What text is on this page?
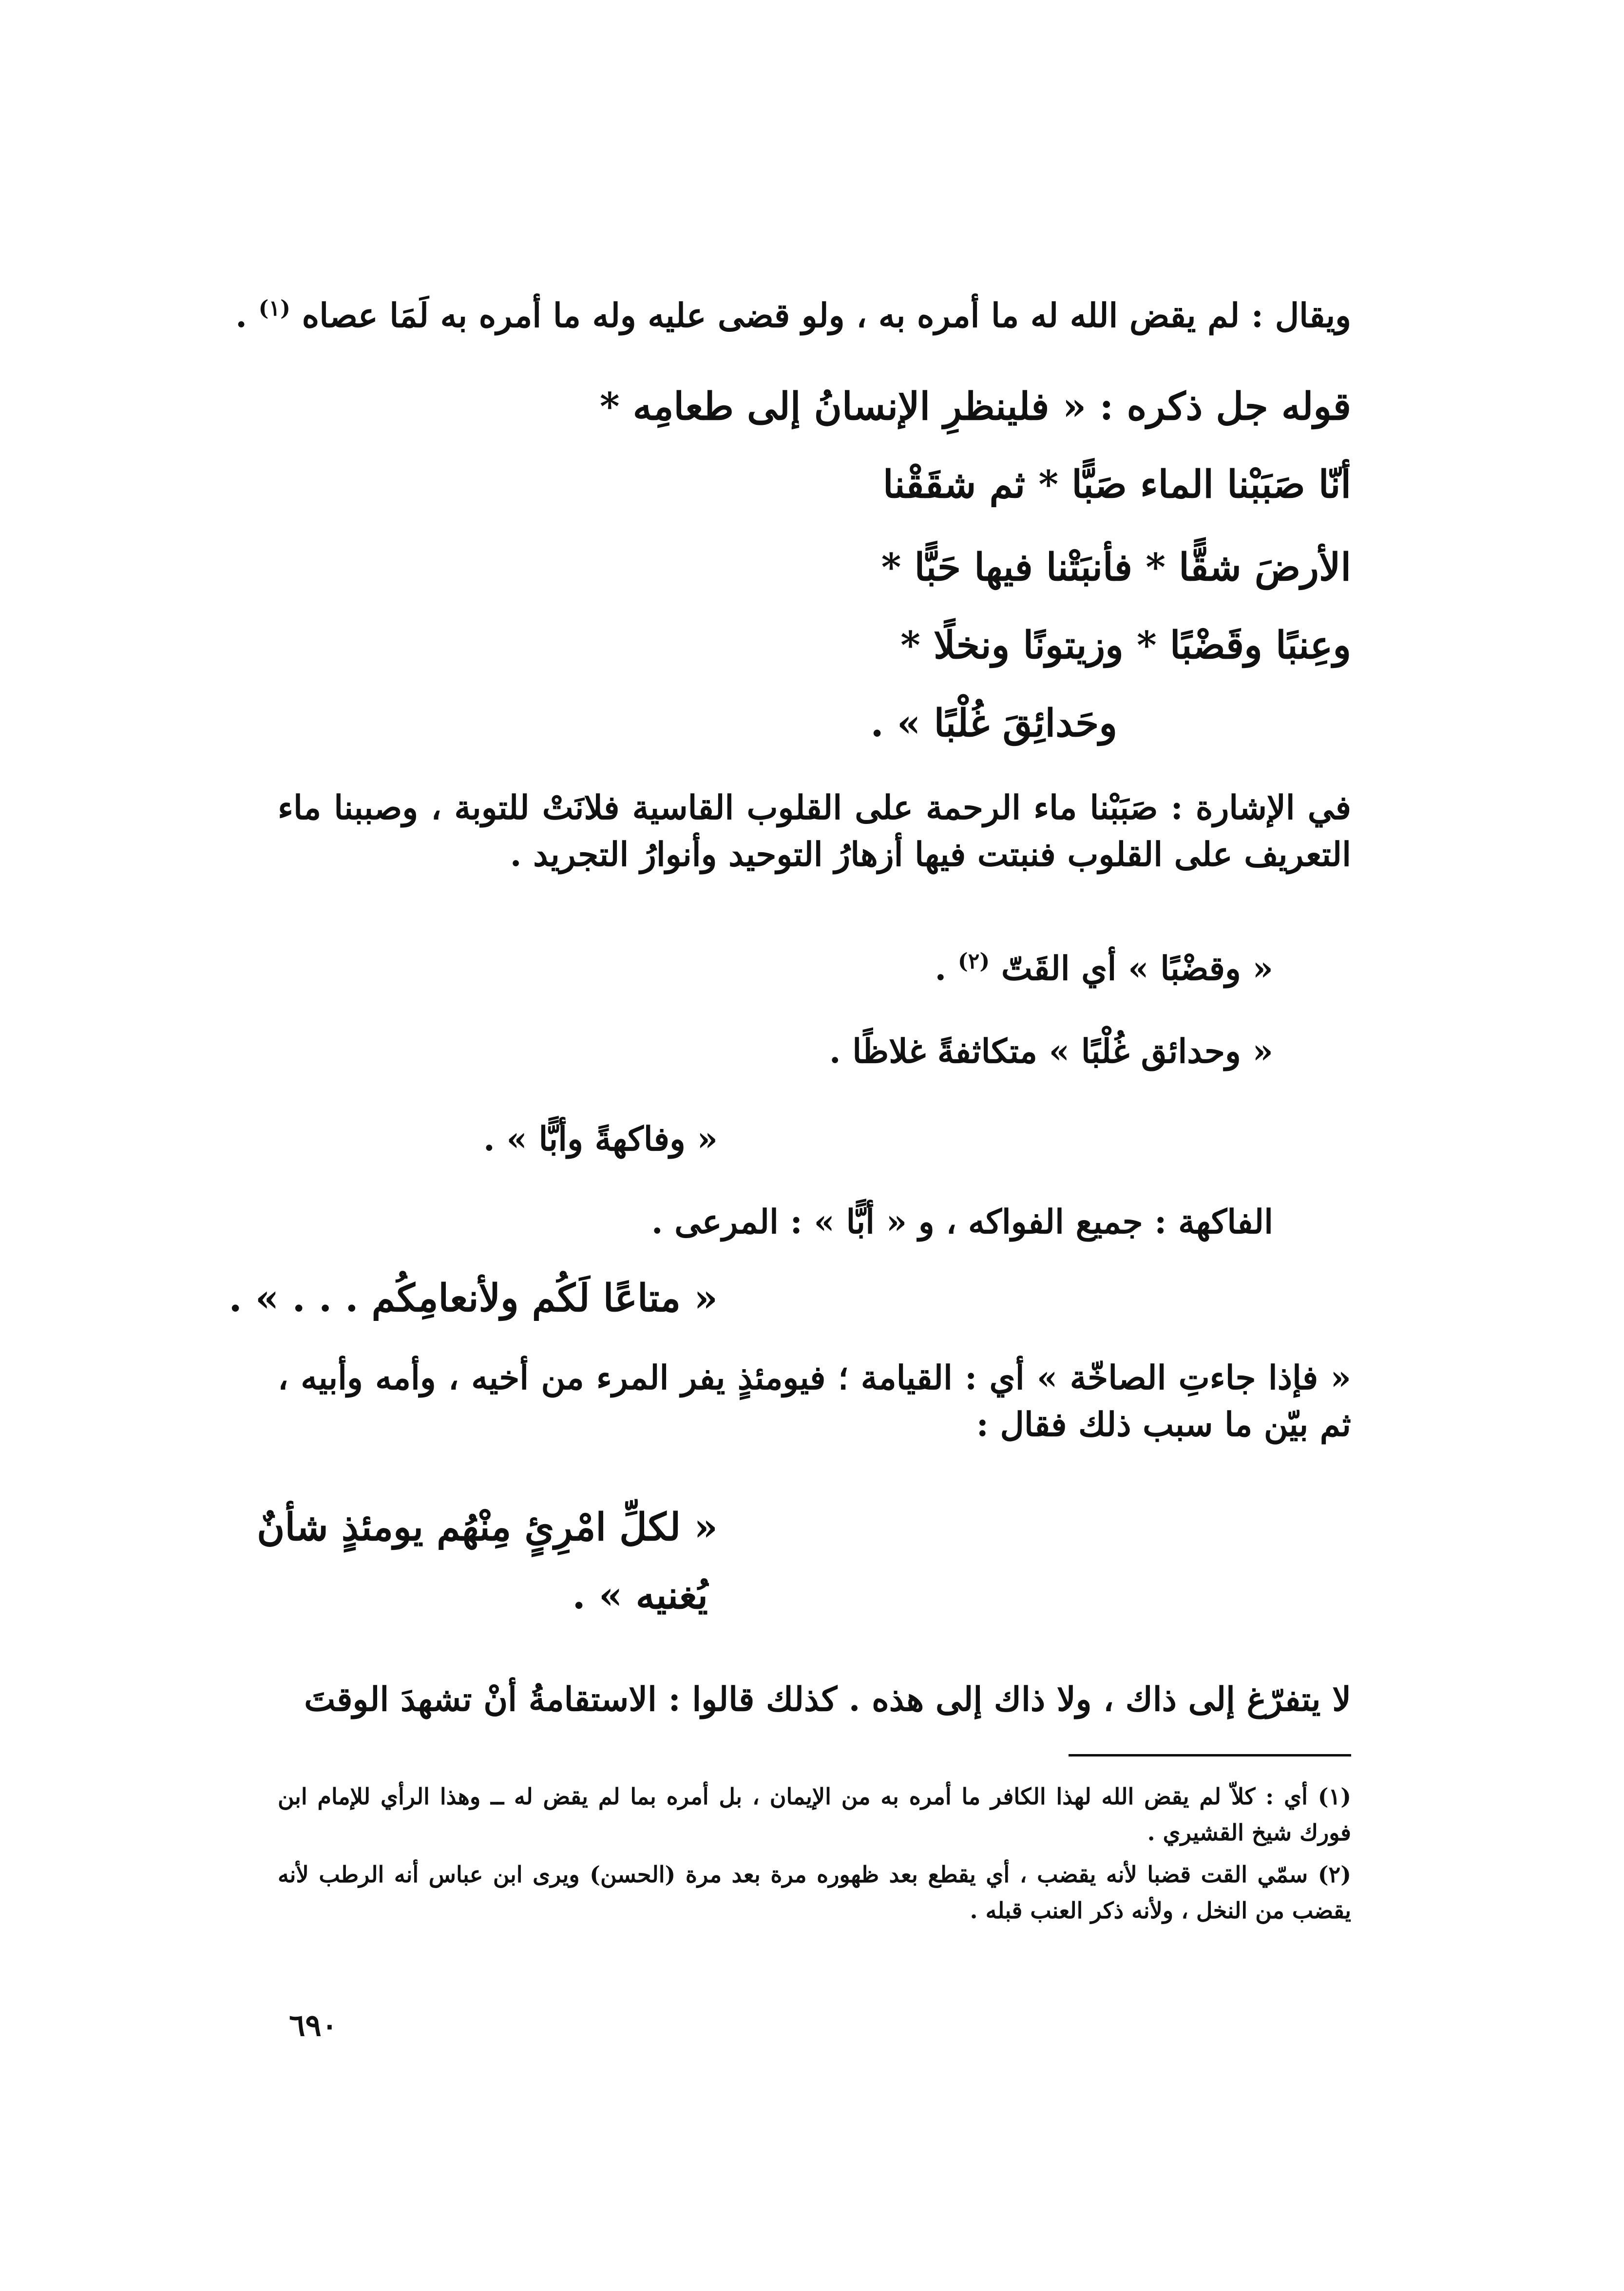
ويقال : لم يقض الله له ما أمره به ، ولو قضى عليه وله ما أمره به لَمَا عصاه $^{(١)}$ .
قوله جل ذكره : « فلينظرِ الإنسانُ إلى طعامِه *
أنّا صَبَبْنا الماء صَبًّا * ثم شقَقْنا
الأرضَ شقًّا * فأنبَتْنا فيها حَبًّا *
وعِنبًا وقَضْبًا * وزيتونًا ونخلًا *
وحَدائِقَ غُلْبًا » .
في الإشارة : صَبَبْنا ماء الرحمة على القلوب القاسية فلانَتْ للتوبة ، وصببنا ماء التعريف على القلوب فنبتت فيها أزهارُ التوحيد وأنوارُ التجريد .
« وقضْبًا » أي القَتّ $^{(٢)}$ .
« وحدائق غُلْبًا » متكاثفةً غلاظًا .
« وفاكهةً وأبًّا » .
الفاكهة : جميع الفواكه ، و « أبًّا » : المرعى .
« متاعًا لَكُم ولأنعامِكُم . . . » .
« فإذا جاءتِ الصاخّة » أي : القيامة ؛ فيومئذٍ يفر المرء من أخيه ، وأمه وأبيه ، ثم بيّن ما سبب ذلك فقال :
« لكلِّ امْرِئٍ مِنْهُم يومئذٍ شأنٌ
يُغنيه » .
لا يتفرّغ إلى ذاك ، ولا ذاك إلى هذه . كذلك قالوا : الاستقامةُ أنْ تشهدَ الوقتَ
(١) أي : كلاّ لم يقض الله لهذا الكافر ما أمره به من الإيمان ، بل أمره بما لم يقض له ــ وهذا الرأي للإمام ابن فورك شيخ القشيري .
(٢) سمّي القت قضبا لأنه يقضب ، أي يقطع بعد ظهوره مرة بعد مرة (الحسن) ويرى ابن عباس أنه الرطب لأنه يقضب من النخل ، ولأنه ذكر العنب قبله .
٦٩٠
